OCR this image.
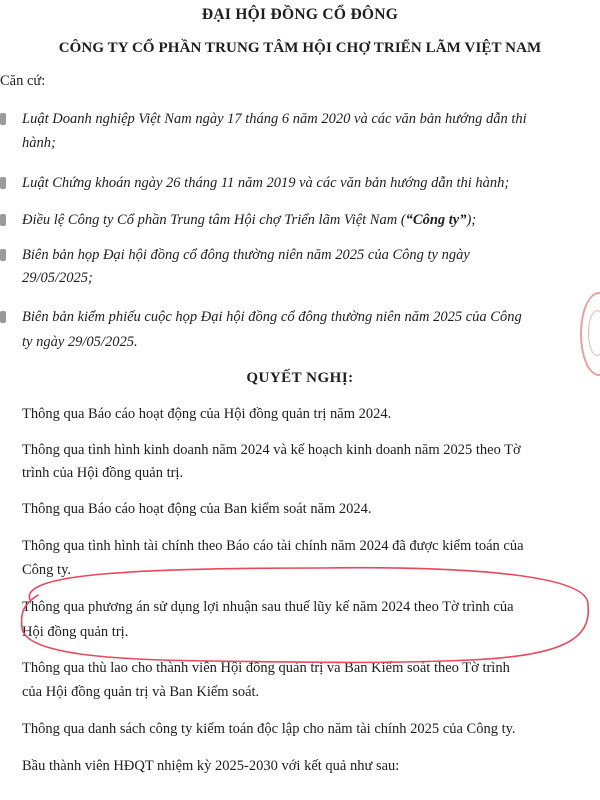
ĐẠI HỘI ĐỒNG CỔ ĐÔNG
CÔNG TY CỔ PHẦN TRUNG TÂM HỘI CHỢ TRIỂN LÃM VIỆT NAM
Căn cứ:
Luật Doanh nghiệp Việt Nam ngày 17 tháng 6 năm 2020 và các văn bản hướng dẫn thi
hành;
Luật Chứng khoán ngày 26 tháng 11 năm 2019 và các văn bản hướng dẫn thi hành;
Điều lệ Công ty Cổ phần Trung tâm Hội chợ Triển lãm Việt Nam (“Công ty”);
Biên bản họp Đại hội đồng cổ đông thường niên năm 2025 của Công ty ngày
29/05/2025;
Biên bản kiểm phiếu cuộc họp Đại hội đồng cổ đông thường niên năm 2025 của Công
ty ngày 29/05/2025.
QUYẾT NGHỊ:
Thông qua Báo cáo hoạt động của Hội đồng quản trị năm 2024.
Thông qua tình hình kinh doanh năm 2024 và kế hoạch kinh doanh năm 2025 theo Tờ
trình của Hội đồng quản trị.
Thông qua Báo cáo hoạt động của Ban kiểm soát năm 2024.
Thông qua tình hình tài chính theo Báo cáo tài chính năm 2024 đã được kiểm toán của
Công ty.
Thông qua phương án sử dụng lợi nhuận sau thuế lũy kế năm 2024 theo Tờ trình của
Hội đồng quản trị.
Thông qua thù lao cho thành viên Hội đồng quản trị và Ban Kiểm soát theo Tờ trình
của Hội đồng quản trị và Ban Kiểm soát.
Thông qua danh sách công ty kiểm toán độc lập cho năm tài chính 2025 của Công ty.
Bầu thành viên HĐQT nhiệm kỳ 2025-2030 với kết quả như sau:
